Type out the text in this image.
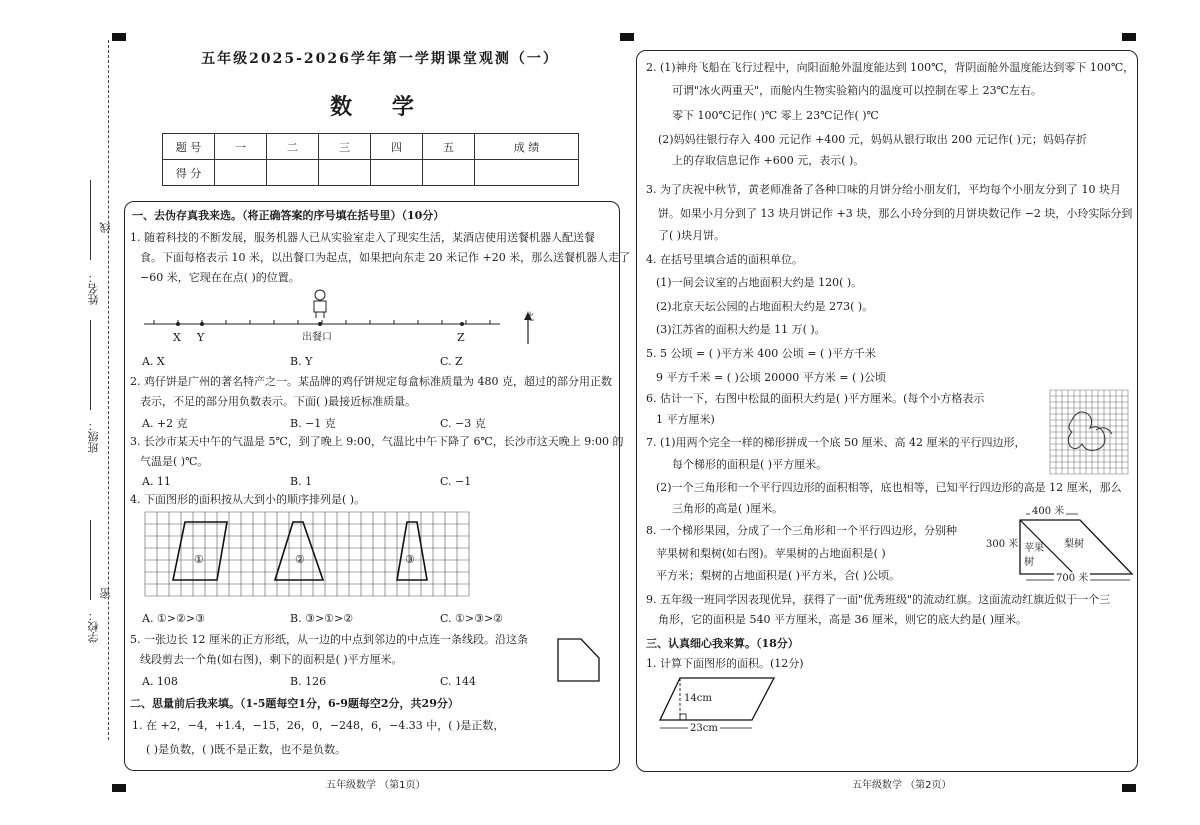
姓名：
班级：
学校：
线
密
五年级2025-2026学年第一学期课堂观测（一）
数 学
题 号	一	二	三	四	五	成 绩
得 分						
一、去伪存真我来选。（将正确答案的序号填在括号里）（10分）
1. 随着科技的不断发展，服务机器人已从实验室走入了现实生活，某酒店使用送餐机器人配送餐
食。下面每格表示 10 米，以出餐口为起点，如果把向东走 20 米记作 +20 米，那么送餐机器人走了
−60 米，它现在在点( )的位置。
X Y	出餐口	Z
北
A. X	B. Y	C. Z
2. 鸡仔饼是广州的著名特产之一。某品牌的鸡仔饼规定每盒标准质量为 480 克，超过的部分用正数
表示，不足的部分用负数表示。下面( )最接近标准质量。
A. +2 克	B. −1 克	C. −3 克
3. 长沙市某天中午的气温是 5℃，到了晚上 9:00，气温比中午下降了 6℃，长沙市这天晚上 9:00 的
气温是( )℃。
A. 11	B. 1	C. −1
4. 下面图形的面积按从大到小的顺序排列是( )。
①	②	③
A. ①>②>③	B. ③>①>②	C. ①>③>②
5. 一张边长 12 厘米的正方形纸，从一边的中点到邻边的中点连一条线段。沿这条
线段剪去一个角(如右图)，剩下的面积是( )平方厘米。
A. 108	B. 126	C. 144
二、思量前后我来填。（1-5题每空1分，6-9题每空2分，共29分）
1. 在 +2，−4，+1.4，−15，26，0，−248，6，−4.33 中，( )是正数，
( )是负数，( )既不是正数，也不是负数。
五年级数学 （第1页）
2. (1)神舟飞船在飞行过程中，向阳面舱外温度能达到 100℃，背阴面舱外温度能达到零下 100℃，
可谓"冰火两重天"，而舱内生物实验箱内的温度可以控制在零上 23℃左右。
零下 100℃记作( )℃ 零上 23℃记作( )℃
(2)妈妈往银行存入 400 元记作 +400 元，妈妈从银行取出 200 元记作( )元；妈妈存折
上的存取信息记作 +600 元，表示( )。
3. 为了庆祝中秋节，黄老师准备了各种口味的月饼分给小朋友们，平均每个小朋友分到了 10 块月
饼。如果小月分到了 13 块月饼记作 +3 块，那么小玲分到的月饼块数记作 −2 块，小玲实际分到
了( )块月饼。
4. 在括号里填合适的面积单位。
(1)一间会议室的占地面积大约是 120( )。
(2)北京天坛公园的占地面积大约是 273( )。
(3)江苏省的面积大约是 11 万( )。
5. 5 公顷 = ( )平方米 400 公顷 = ( )平方千米
9 平方千米 = ( )公顷 20000 平方米 = ( )公顷
6. 估计一下，右图中松鼠的面积大约是( )平方厘米。(每个小方格表示
1 平方厘米)
7. (1)用两个完全一样的梯形拼成一个底 50 厘米、高 42 厘米的平行四边形，
每个梯形的面积是( )平方厘米。
(2)一个三角形和一个平行四边形的面积相等，底也相等，已知平行四边形的高是 12 厘米，那么
三角形的高是( )厘米。
8. 一个梯形果园，分成了一个三角形和一个平行四边形，分别种
苹果树和梨树(如右图)。苹果树的占地面积是( )
平方米；梨树的占地面积是( )平方米，合( )公顷。
400 米
300 米 苹果树
梨树
700 米
9. 五年级一班同学因表现优异，获得了一面"优秀班级"的流动红旗。这面流动红旗近似于一个三
角形，它的面积是 540 平方厘米，高是 36 厘米，则它的底大约是( )厘米。
三、认真细心我来算。（18分）
1. 计算下面图形的面积。(12分)
14cm
23cm
五年级数学 （第2页）
